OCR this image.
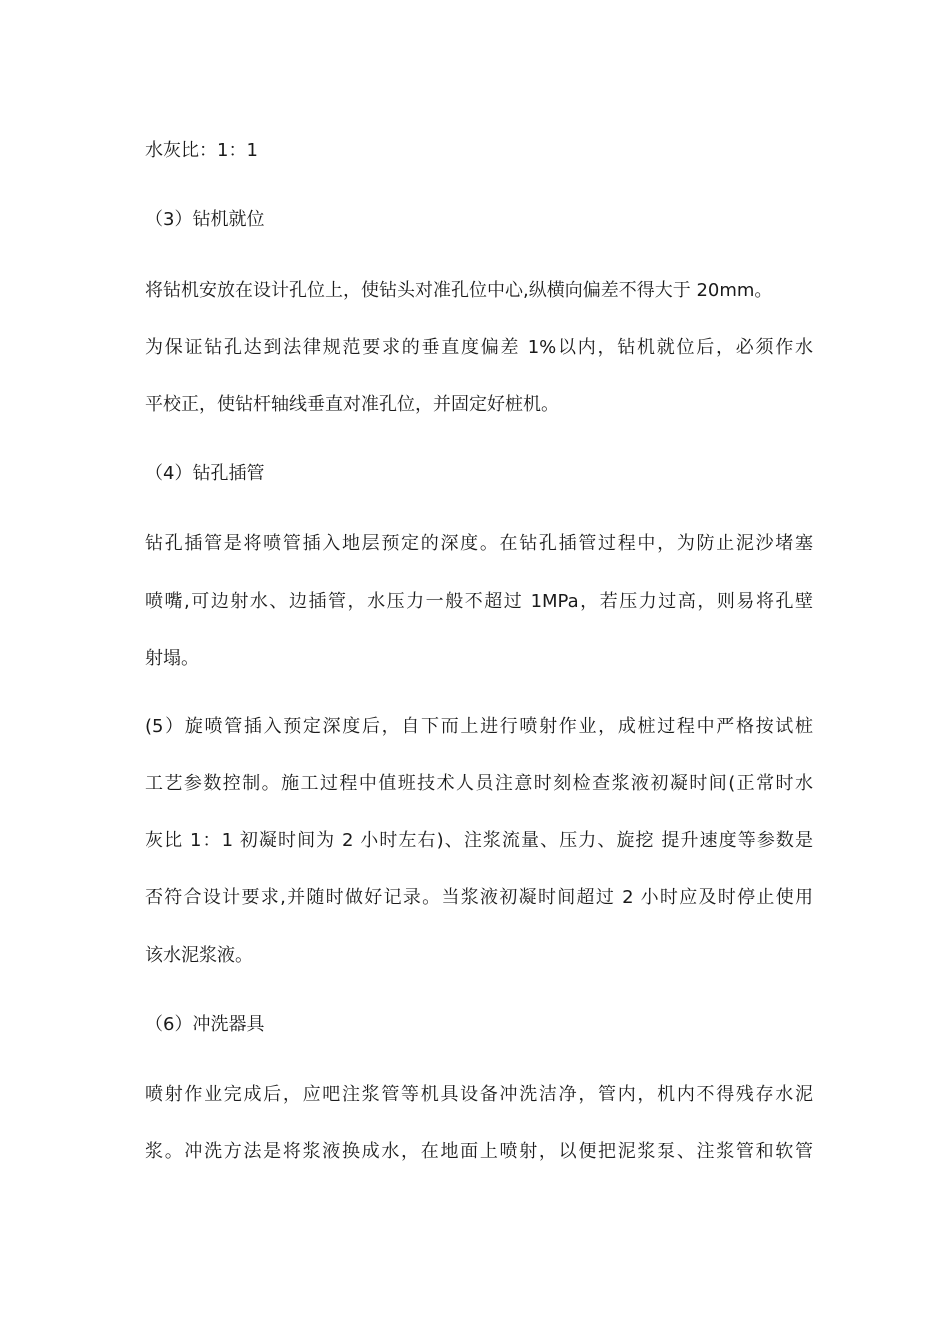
水灰比：1：1
（3）钻机就位
将钻机安放在设计孔位上，使钻头对准孔位中心,纵横向偏差不得大于 20mm。
为保证钻孔达到法律规范要求的垂直度偏差 1%以内，钻机就位后，必须作水
平校正，使钻杆轴线垂直对准孔位，并固定好桩机。
（4）钻孔插管
钻孔插管是将喷管插入地层预定的深度。在钻孔插管过程中，为防止泥沙堵塞
喷嘴,可边射水、边插管，水压力一般不超过 1MPa，若压力过高，则易将孔壁
射塌。
(5）旋喷管插入预定深度后，自下而上进行喷射作业，成桩过程中严格按试桩
工艺参数控制。施工过程中值班技术人员注意时刻检查浆液初凝时间(正常时水
灰比 1：1 初凝时间为 2 小时左右)、注浆流量、压力、旋挖 提升速度等参数是
否符合设计要求,并随时做好记录。当浆液初凝时间超过 2 小时应及时停止使用
该水泥浆液。
（6）冲洗器具
喷射作业完成后，应吧注浆管等机具设备冲洗洁净，管内，机内不得残存水泥
浆。冲洗方法是将浆液换成水，在地面上喷射，以便把泥浆泵、注浆管和软管
